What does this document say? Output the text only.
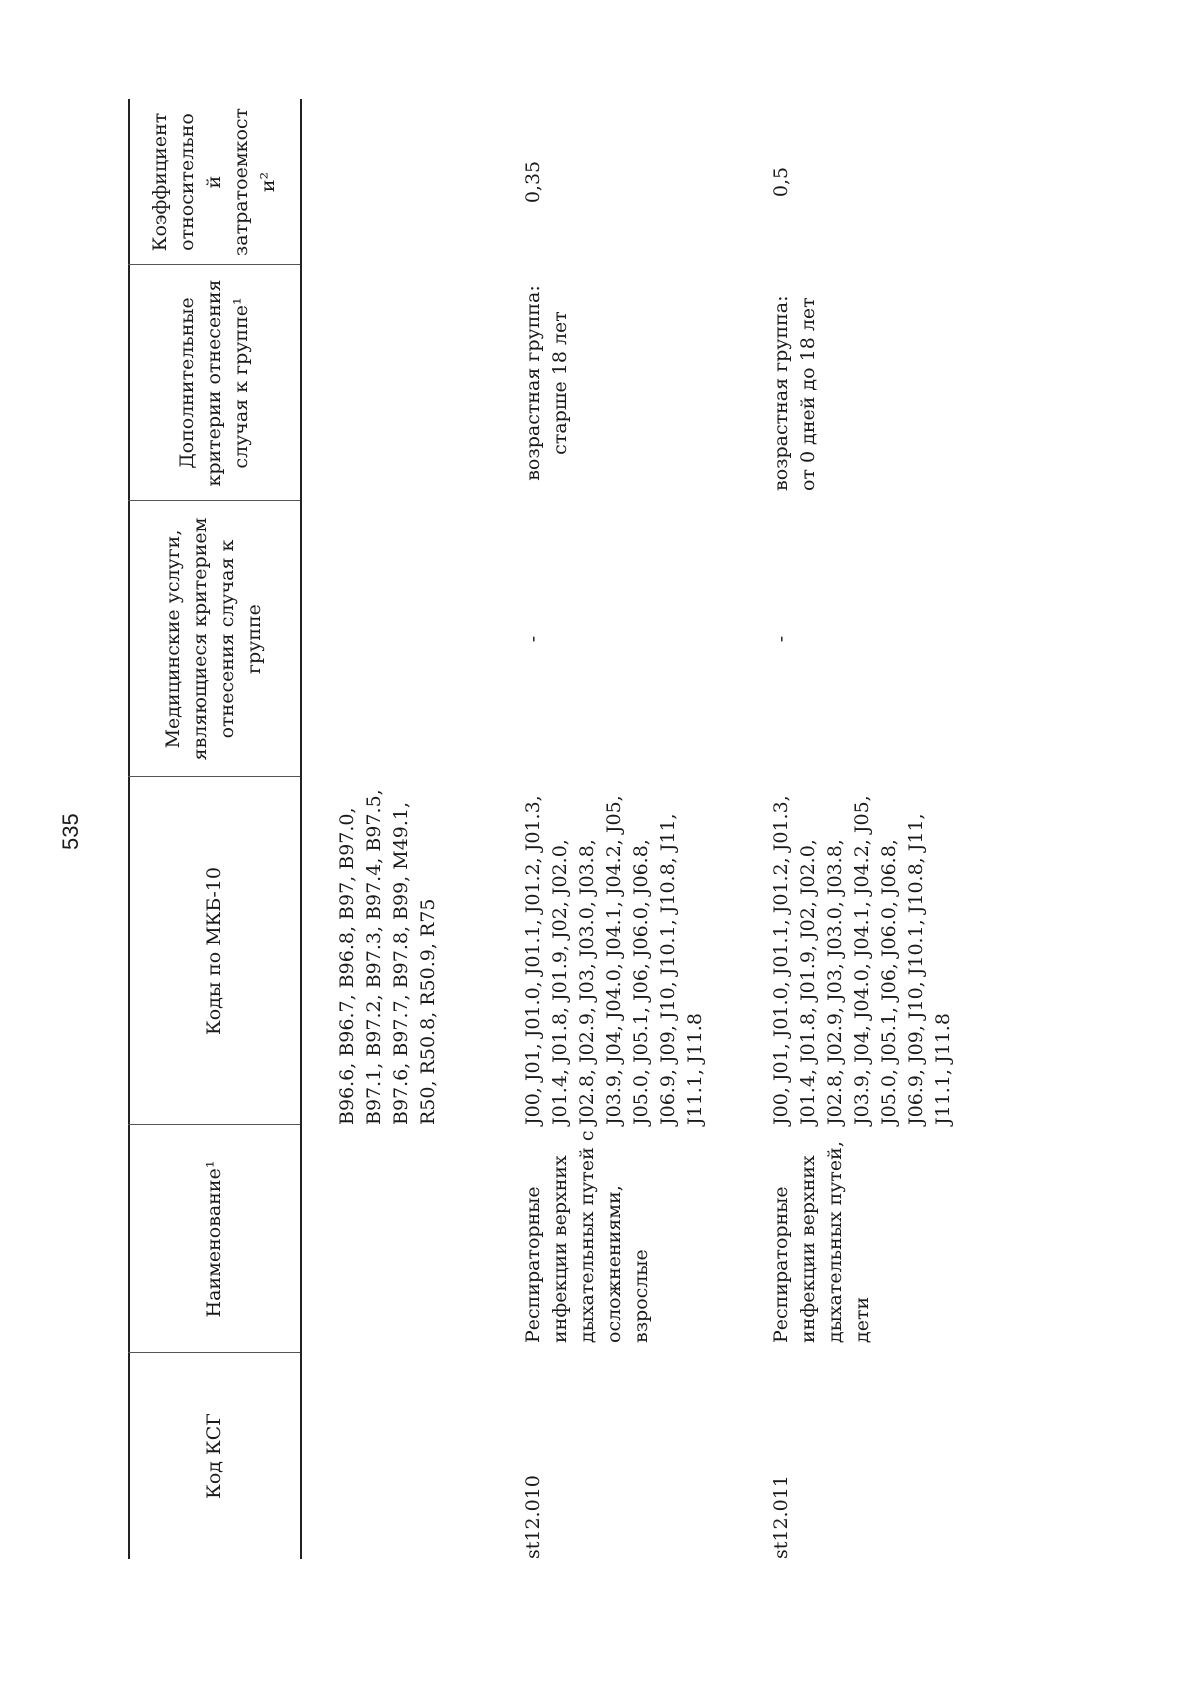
535
Код КСГ
Наименование¹
Коды по МКБ-10
Медицинские услуги, являющиеся критерием отнесения случая к группе
Дополнительные критерии отнесения случая к группе¹
Коэффициент относительно й затратоемкост и²
B96.6, B96.7, B96.8, B97, B97.0,
B97.1, B97.2, B97.3, B97.4, B97.5,
B97.6, B97.7, B97.8, B99, M49.1,
R50, R50.8, R50.9, R75
st12.010
Респираторные
инфекции верхних
дыхательных путей с
осложнениями,
взрослые
J00, J01, J01.0, J01.1, J01.2, J01.3,
J01.4, J01.8, J01.9, J02, J02.0,
J02.8, J02.9, J03, J03.0, J03.8,
J03.9, J04, J04.0, J04.1, J04.2, J05,
J05.0, J05.1, J06, J06.0, J06.8,
J06.9, J09, J10, J10.1, J10.8, J11,
J11.1, J11.8
-
возрастная группа:
старше 18 лет
0,35
st12.011
Респираторные
инфекции верхних
дыхательных путей,
дети
J00, J01, J01.0, J01.1, J01.2, J01.3,
J01.4, J01.8, J01.9, J02, J02.0,
J02.8, J02.9, J03, J03.0, J03.8,
J03.9, J04, J04.0, J04.1, J04.2, J05,
J05.0, J05.1, J06, J06.0, J06.8,
J06.9, J09, J10, J10.1, J10.8, J11,
J11.1, J11.8
-
возрастная группа:
от 0 дней до 18 лет
0,5
